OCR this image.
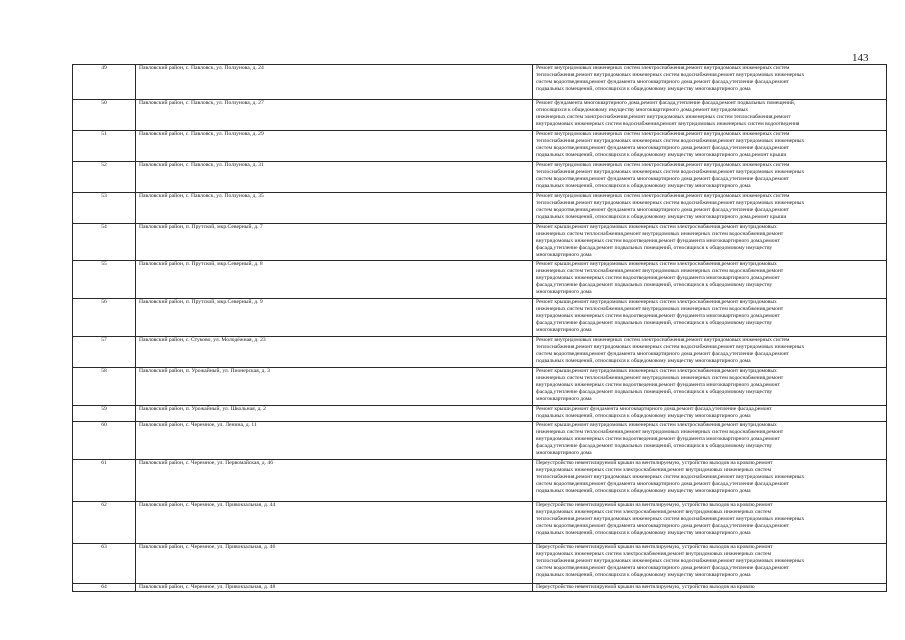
143
49	Павловский район, с. Павловск, ул. Ползунова, д. 24	Ремонт внутридомовых инженерных систем электроснабжения,ремонт внутридомовых инженерных систем
теплоснабжения,ремонт внутридомовых инженерных систем водоснабжения,ремонт внутридомовых инженерных
систем водоотведения,ремонт фундамента многоквартирного дома,ремонт фасада,утепление фасада,ремонт
подвальных помещений, относящихся к общедомовому имуществу многоквартирного дома

50	Павловский район, с. Павловск, ул. Ползунова, д. 27	Ремонт фундамента многоквартирного дома,ремонт фасада,утепление фасада,ремонт подвальных помещений,
относящихся к общедомовому имуществу многоквартирного дома,ремонт внутридомовых
инженерных систем электроснабжения,ремонт внутридомовых инженерных систем теплоснабжения,ремонт
внутридомовых инженерных систем водоснабжения,ремонт внутридомовых инженерных систем водоотведения

51	Павловский район, с. Павловск, ул. Ползунова, д. 29	Ремонт внутридомовых инженерных систем электроснабжения,ремонт внутридомовых инженерных систем
теплоснабжения,ремонт внутридомовых инженерных систем водоснабжения,ремонт внутридомовых инженерных
систем водоотведения,ремонт фундамента многоквартирного дома,ремонт фасада,утепление фасада,ремонт
подвальных помещений, относящихся к общедомовому имуществу многоквартирного дома,ремонт крыши

52	Павловский район, с. Павловск, ул. Ползунова, д. 31	Ремонт внутридомовых инженерных систем электроснабжения,ремонт внутридомовых инженерных систем
теплоснабжения,ремонт внутридомовых инженерных систем водоснабжения,ремонт внутридомовых инженерных
систем водоотведения,ремонт фундамента многоквартирного дома,ремонт фасада,утепление фасада,ремонт
подвальных помещений, относящихся к общедомовому имуществу многоквартирного дома

53	Павловский район, с. Павловск, ул. Ползунова, д. 35	Ремонт внутридомовых инженерных систем электроснабжения,ремонт внутридомовых инженерных систем
теплоснабжения,ремонт внутридомовых инженерных систем водоснабжения,ремонт внутридомовых инженерных
систем водоотведения,ремонт фундамента многоквартирного дома,ремонт фасада,утепление фасада,ремонт
подвальных помещений, относящихся к общедомовому имуществу многоквартирного дома,ремонт крыши

54	Павловский район, п. Прутской, мкр.Северный, д. 7	Ремонт крыши,ремонт внутридомовых инженерных систем электроснабжения,ремонт внутридомовых
инженерных систем теплоснабжения,ремонт внутридомовых инженерных систем водоснабжения,ремонт
внутридомовых инженерных систем водоотведения,ремонт фундамента многоквартирного дома,ремонт
фасада,утепление фасада,ремонт подвальных помещений, относящихся к общедомовому имуществу
многоквартирного дома

55	Павловский район, п. Прутской, мкр.Северный, д. 8	Ремонт крыши,ремонт внутридомовых инженерных систем электроснабжения,ремонт внутридомовых
инженерных систем теплоснабжения,ремонт внутридомовых инженерных систем водоснабжения,ремонт
внутридомовых инженерных систем водоотведения,ремонт фундамента многоквартирного дома,ремонт
фасада,утепление фасада,ремонт подвальных помещений, относящихся к общедомовому имуществу
многоквартирного дома

56	Павловский район, п. Прутской, мкр.Северный, д. 9	Ремонт крыши,ремонт внутридомовых инженерных систем электроснабжения,ремонт внутридомовых
инженерных систем теплоснабжения,ремонт внутридомовых инженерных систем водоснабжения,ремонт
внутридомовых инженерных систем водоотведения,ремонт фундамента многоквартирного дома,ремонт
фасада,утепление фасада,ремонт подвальных помещений, относящихся к общедомовому имуществу
многоквартирного дома

57	Павловский район, с. Стуково, ул. Молодёжная, д. 23	Ремонт внутридомовых инженерных систем электроснабжения,ремонт внутридомовых инженерных систем
теплоснабжения,ремонт внутридомовых инженерных систем водоснабжения,ремонт внутридомовых инженерных
систем водоотведения,ремонт фундамента многоквартирного дома,ремонт фасада,утепление фасада,ремонт
подвальных помещений, относящихся к общедомовому имуществу многоквартирного дома

58	Павловский район, п. Урожайный, ул. Пионерская, д. 3	Ремонт крыши,ремонт внутридомовых инженерных систем электроснабжения,ремонт внутридомовых
инженерных систем теплоснабжения,ремонт внутридомовых инженерных систем водоснабжения,ремонт
внутридомовых инженерных систем водоотведения,ремонт фундамента многоквартирного дома,ремонт
фасада,утепление фасада,ремонт подвальных помещений, относящихся к общедомовому имуществу
многоквартирного дома

59	Павловский район, п. Урожайный, ул. Школьная, д. 2	Ремонт крыши,ремонт фундамента многоквартирного дома,ремонт фасада,утепление фасада,ремонт
подвальных помещений, относящихся к общедомовому имуществу многоквартирного дома

60	Павловский район, с. Черемное, ул. Ленина, д. 11	Ремонт крыши,ремонт внутридомовых инженерных систем электроснабжения,ремонт внутридомовых
инженерных систем теплоснабжения,ремонт внутридомовых инженерных систем водоснабжения,ремонт
внутридомовых инженерных систем водоотведения,ремонт фундамента многоквартирного дома,ремонт
фасада,утепление фасада,ремонт подвальных помещений, относящихся к общедомовому имуществу
многоквартирного дома

61	Павловский район, с. Черемное, ул. Первомайская, д. 46	Переустройство невентилируемой крыши на вентилируемую, устройство выходов на кровлю,ремонт
внутридомовых инженерных систем электроснабжения,ремонт внутридомовых инженерных систем
теплоснабжения,ремонт внутридомовых инженерных систем водоснабжения,ремонт внутридомовых инженерных
систем водоотведения,ремонт фундамента многоквартирного дома,ремонт фасада,утепление фасада,ремонт
подвальных помещений, относящихся к общедомовому имуществу многоквартирного дома

62	Павловский район, с. Черемное, ул. Привокзальная, д. 44	Переустройство невентилируемой крыши на вентилируемую, устройство выходов на кровлю,ремонт
внутридомовых инженерных систем электроснабжения,ремонт внутридомовых инженерных систем
теплоснабжения,ремонт внутридомовых инженерных систем водоснабжения,ремонт внутридомовых инженерных
систем водоотведения,ремонт фундамента многоквартирного дома,ремонт фасада,утепление фасада,ремонт
подвальных помещений, относящихся к общедомовому имуществу многоквартирного дома

63	Павловский район, с. Черемное, ул. Привокзальная, д. 46	Переустройство невентилируемой крыши на вентилируемую, устройство выходов на кровлю,ремонт
внутридомовых инженерных систем электроснабжения,ремонт внутридомовых инженерных систем
теплоснабжения,ремонт внутридомовых инженерных систем водоснабжения,ремонт внутридомовых инженерных
систем водоотведения,ремонт фундамента многоквартирного дома,ремонт фасада,утепление фасада,ремонт
подвальных помещений, относящихся к общедомовому имуществу многоквартирного дома

64	Павловский район, с. Черемное, ул. Привокзальная, д. 48	Переустройство невентилируемой крыши на вентилируемую, устройство выходов на кровлю
